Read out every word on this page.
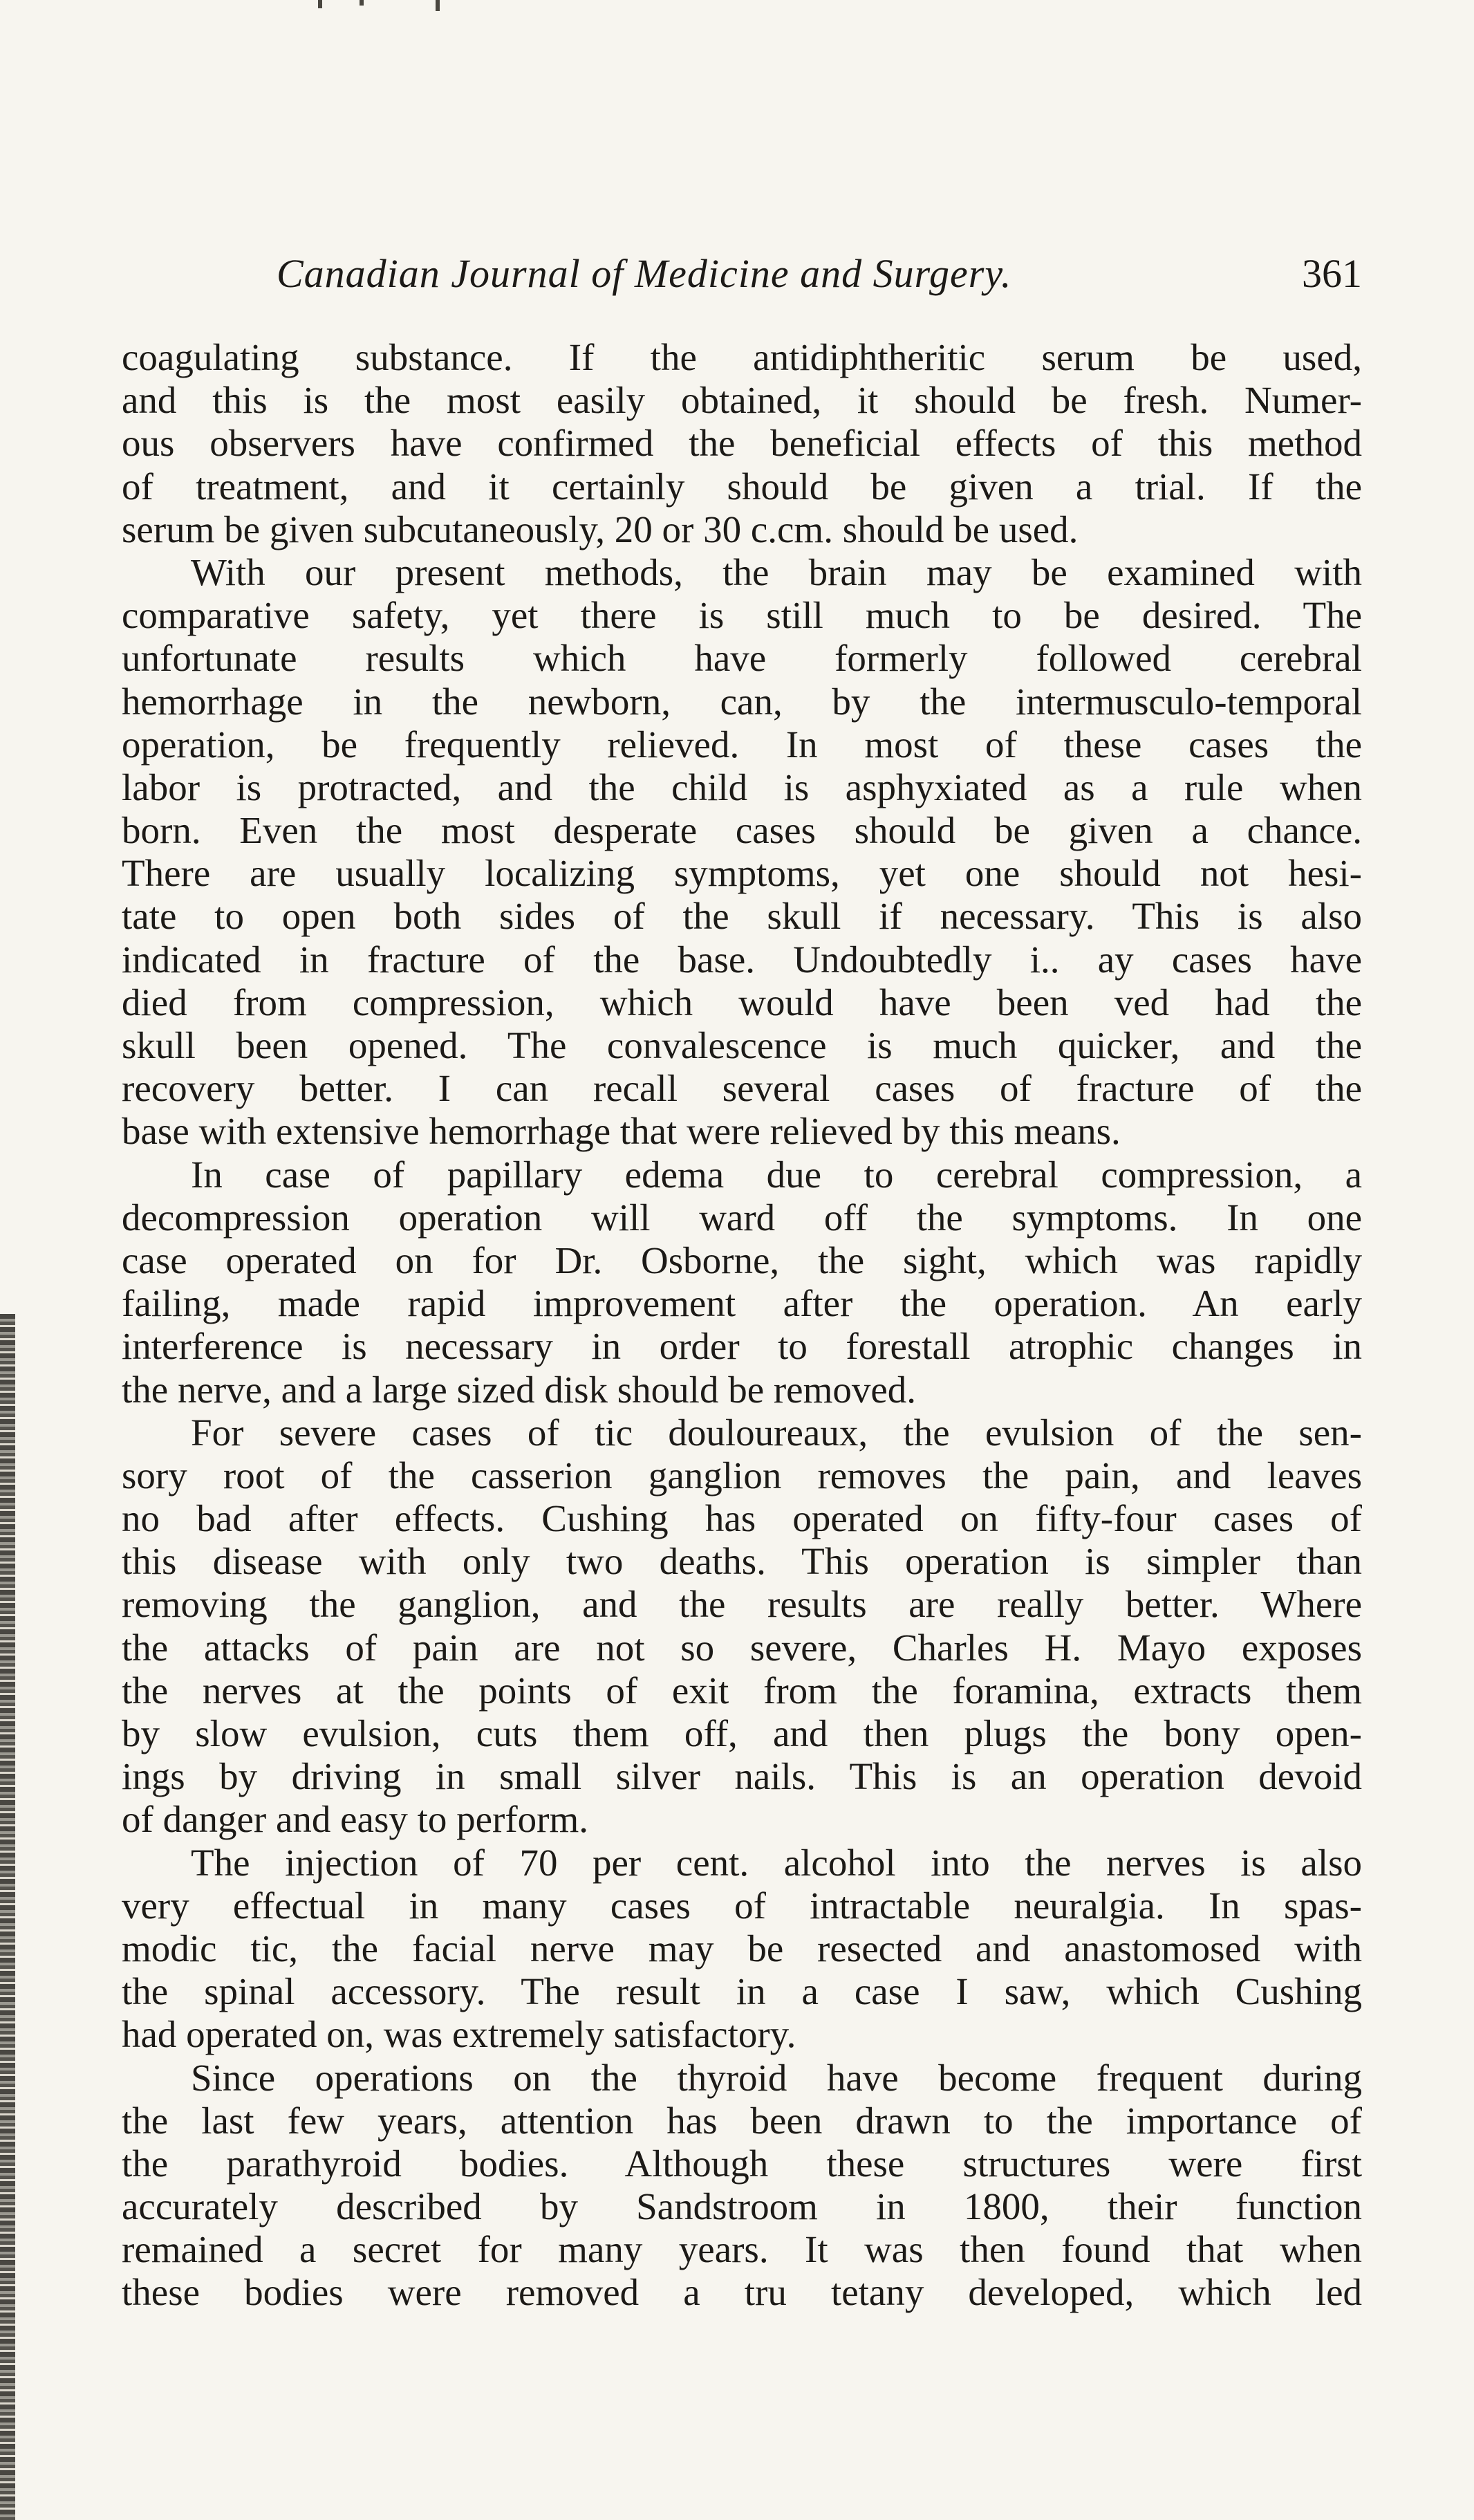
Canadian Journal of Medicine and Surgery.	361
coagulating substance. If the antidiphtheritic serum be used,
and this is the most easily obtained, it should be fresh. Numer-
ous observers have confirmed the beneficial effects of this method
of treatment, and it certainly should be given a trial. If the
serum be given subcutaneously, 20 or 30 c.cm. should be used.
With our present methods, the brain may be examined with
comparative safety, yet there is still much to be desired. The
unfortunate results which have formerly followed cerebral
hemorrhage in the newborn, can, by the intermusculo-temporal
operation, be frequently relieved. In most of these cases the
labor is protracted, and the child is asphyxiated as a rule when
born. Even the most desperate cases should be given a chance.
There are usually localizing symptoms, yet one should not hesi-
tate to open both sides of the skull if necessary. This is also
indicated in fracture of the base. Undoubtedly i.. ay cases have
died from compression, which would have been ved had the
skull been opened. The convalescence is much quicker, and the
recovery better. I can recall several cases of fracture of the
base with extensive hemorrhage that were relieved by this means.
In case of papillary edema due to cerebral compression, a
decompression operation will ward off the symptoms. In one
case operated on for Dr. Osborne, the sight, which was rapidly
failing, made rapid improvement after the operation. An early
interference is necessary in order to forestall atrophic changes in
the nerve, and a large sized disk should be removed.
For severe cases of tic douloureaux, the evulsion of the sen-
sory root of the casserion ganglion removes the pain, and leaves
no bad after effects. Cushing has operated on fifty-four cases of
this disease with only two deaths. This operation is simpler than
removing the ganglion, and the results are really better. Where
the attacks of pain are not so severe, Charles H. Mayo exposes
the nerves at the points of exit from the foramina, extracts them
by slow evulsion, cuts them off, and then plugs the bony open-
ings by driving in small silver nails. This is an operation devoid
of danger and easy to perform.
The injection of 70 per cent. alcohol into the nerves is also
very effectual in many cases of intractable neuralgia. In spas-
modic tic, the facial nerve may be resected and anastomosed with
the spinal accessory. The result in a case I saw, which Cushing
had operated on, was extremely satisfactory.
Since operations on the thyroid have become frequent during
the last few years, attention has been drawn to the importance of
the parathyroid bodies. Although these structures were first
accurately described by Sandstroom in 1800, their function
remained a secret for many years. It was then found that when
these bodies were removed a tru tetany developed, which led
